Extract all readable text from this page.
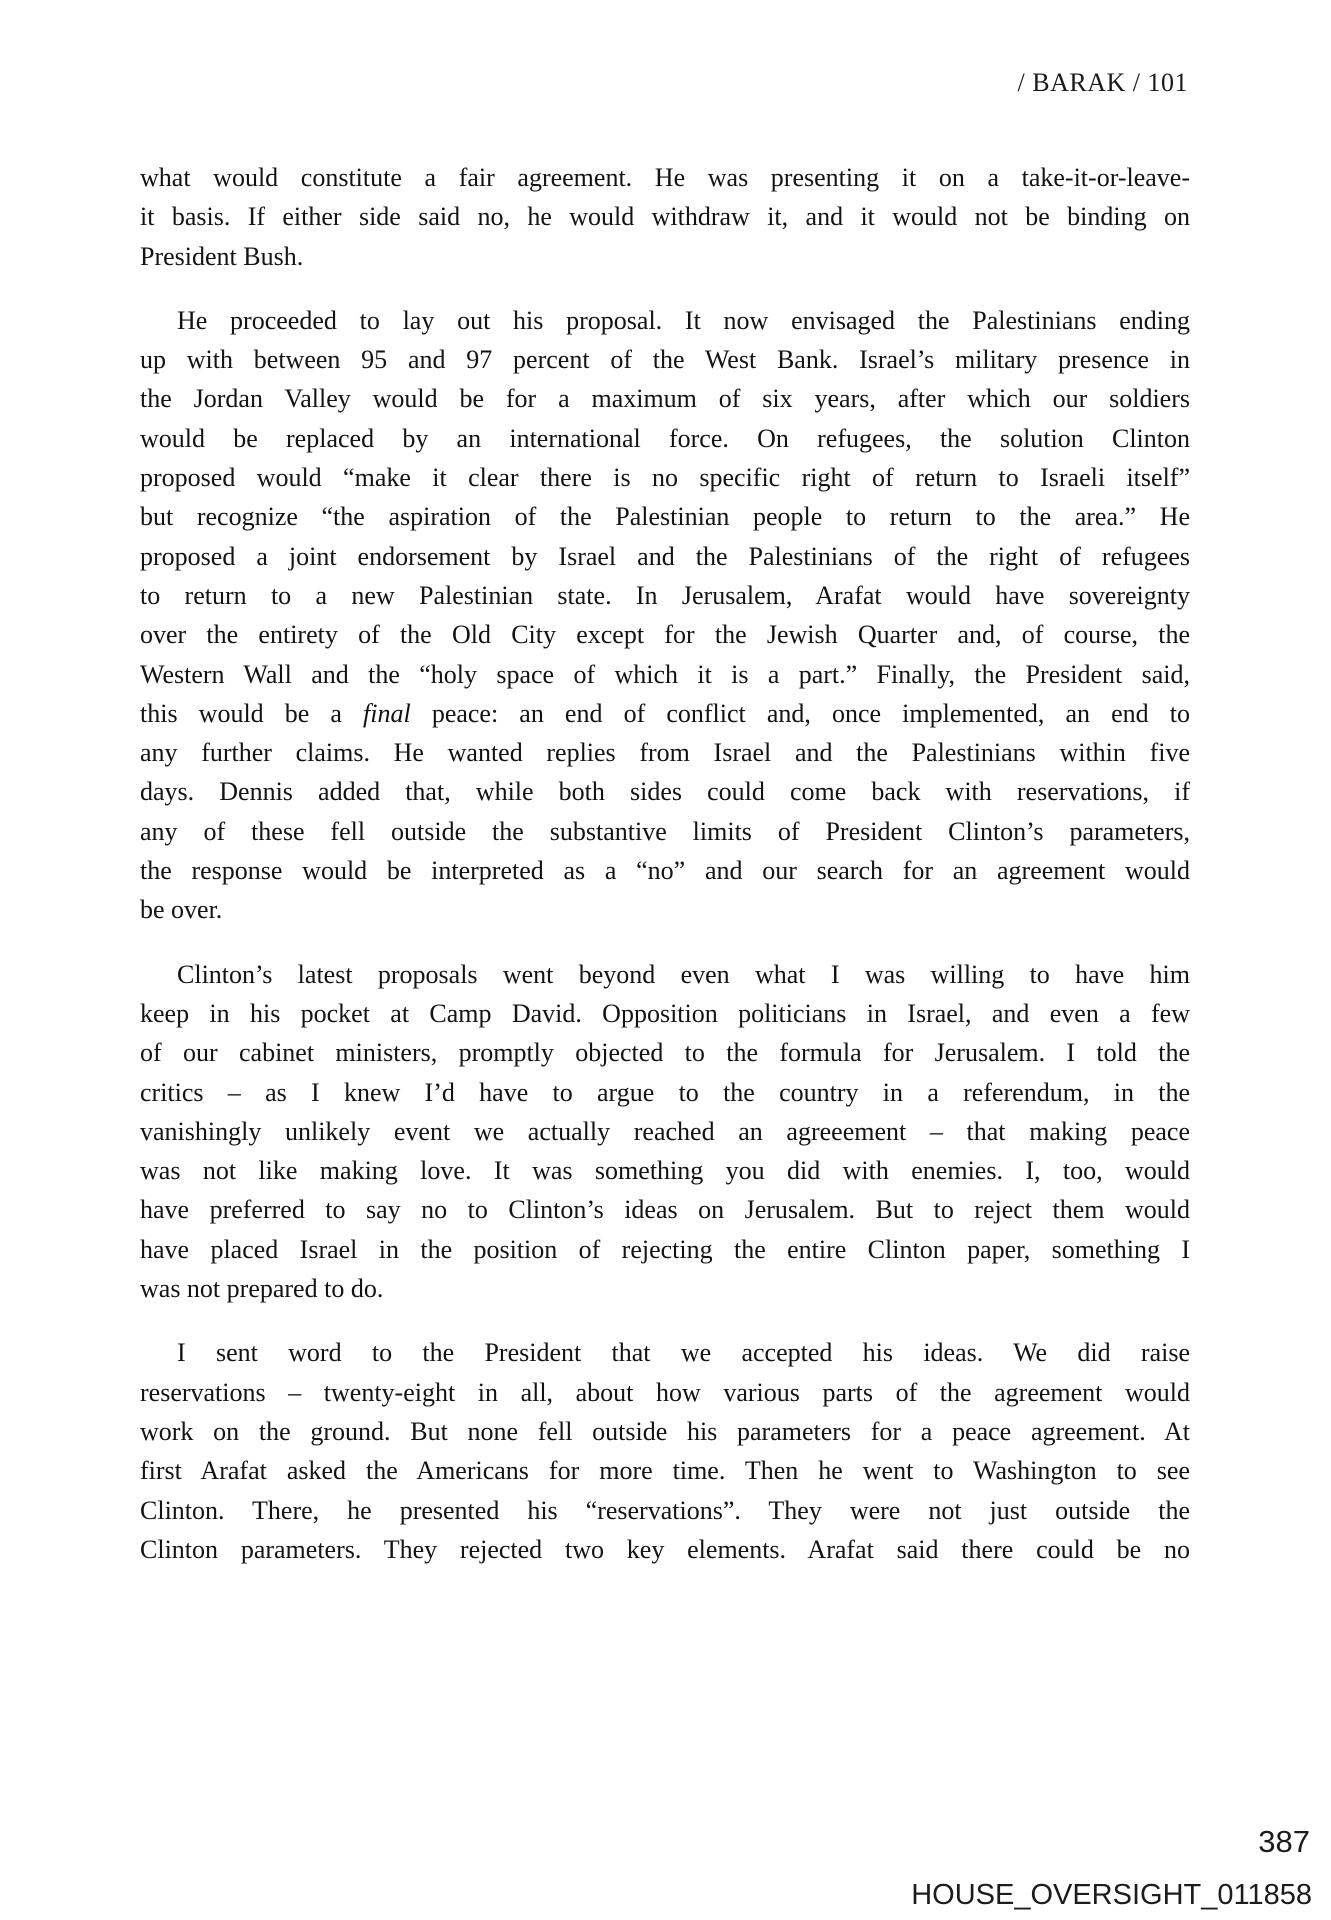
/ BARAK / 101
what would constitute a fair agreement. He was presenting it on a take-it-or-leave-
it basis. If either side said no, he would withdraw it, and it would not be binding on
President Bush.
He proceeded to lay out his proposal. It now envisaged the Palestinians ending
up with between 95 and 97 percent of the West Bank. Israel’s military presence in
the Jordan Valley would be for a maximum of six years, after which our soldiers
would be replaced by an international force. On refugees, the solution Clinton
proposed would “make it clear there is no specific right of return to Israeli itself”
but recognize “the aspiration of the Palestinian people to return to the area.” He
proposed a joint endorsement by Israel and the Palestinians of the right of refugees
to return to a new Palestinian state. In Jerusalem, Arafat would have sovereignty
over the entirety of the Old City except for the Jewish Quarter and, of course, the
Western Wall and the “holy space of which it is a part.” Finally, the President said,
this would be a final peace: an end of conflict and, once implemented, an end to
any further claims. He wanted replies from Israel and the Palestinians within five
days. Dennis added that, while both sides could come back with reservations, if
any of these fell outside the substantive limits of President Clinton’s parameters,
the response would be interpreted as a “no” and our search for an agreement would
be over.
Clinton’s latest proposals went beyond even what I was willing to have him
keep in his pocket at Camp David. Opposition politicians in Israel, and even a few
of our cabinet ministers, promptly objected to the formula for Jerusalem. I told the
critics – as I knew I’d have to argue to the country in a referendum, in the
vanishingly unlikely event we actually reached an agreeement – that making peace
was not like making love. It was something you did with enemies. I, too, would
have preferred to say no to Clinton’s ideas on Jerusalem. But to reject them would
have placed Israel in the position of rejecting the entire Clinton paper, something I
was not prepared to do.
I sent word to the President that we accepted his ideas. We did raise
reservations – twenty-eight in all, about how various parts of the agreement would
work on the ground. But none fell outside his parameters for a peace agreement. At
first Arafat asked the Americans for more time. Then he went to Washington to see
Clinton. There, he presented his “reservations”. They were not just outside the
Clinton parameters. They rejected two key elements. Arafat said there could be no
387
HOUSE_OVERSIGHT_011858
